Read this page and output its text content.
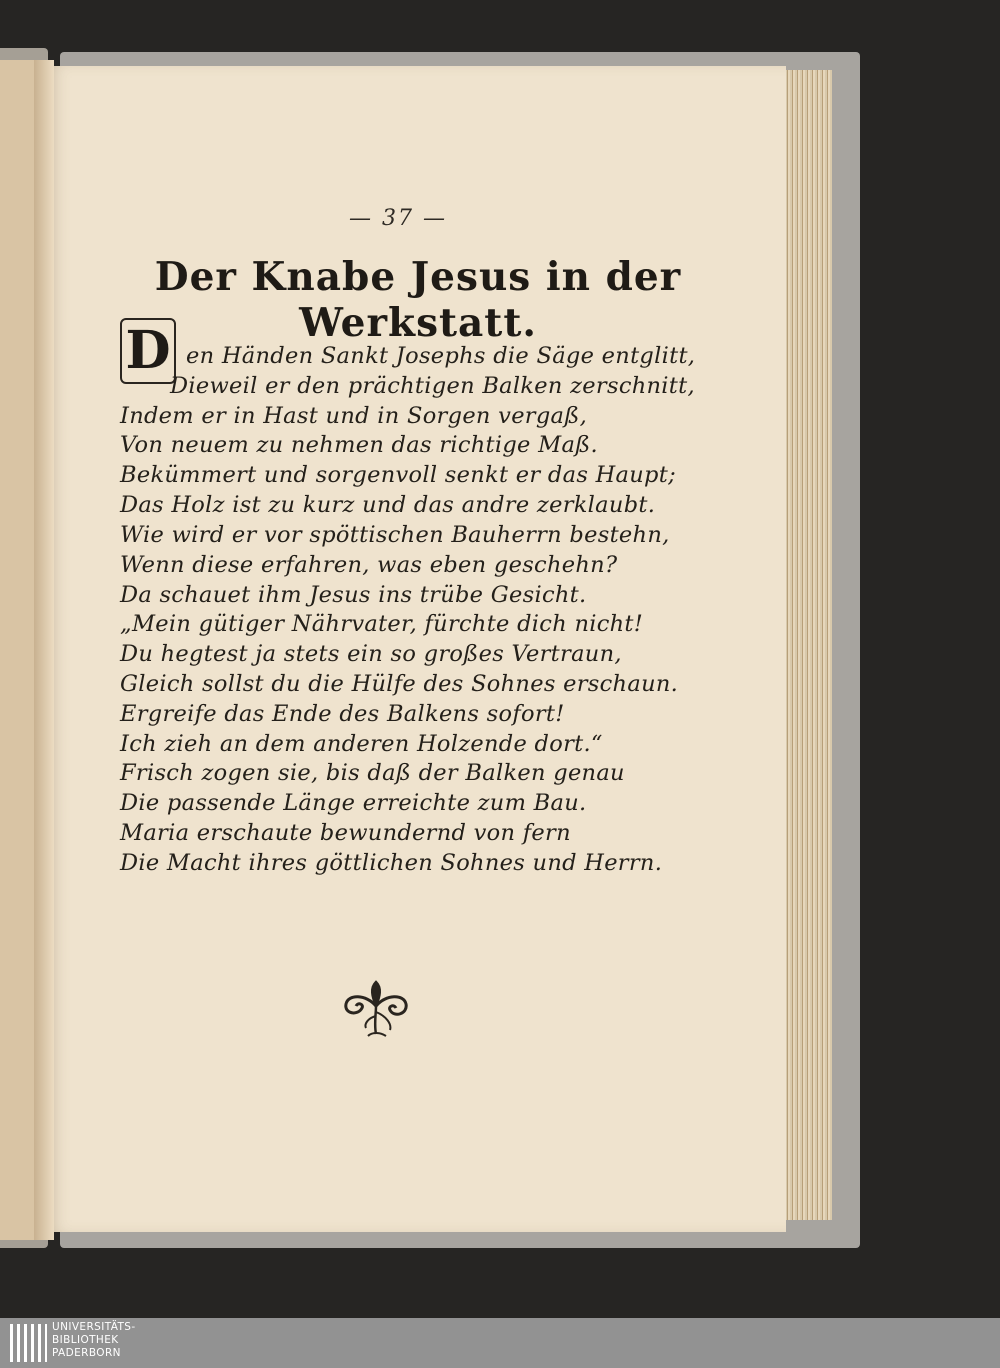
— 37 —
Der Knabe Jesus in der Werkstatt.
D en Händen Sankt Josephs die Säge entglitt,
Dieweil er den prächtigen Balken zerschnitt,
Indem er in Hast und in Sorgen vergaß,
Von neuem zu nehmen das richtige Maß.
Bekümmert und sorgenvoll senkt er das Haupt;
Das Holz ist zu kurz und das andre zerklaubt.
Wie wird er vor spöttischen Bauherrn bestehn,
Wenn diese erfahren, was eben geschehn?
Da schauet ihm Jesus ins trübe Gesicht.
„Mein gütiger Nährvater, fürchte dich nicht!
Du hegtest ja stets ein so großes Vertraun,
Gleich sollst du die Hülfe des Sohnes erschaun.
Ergreife das Ende des Balkens sofort!
Ich zieh an dem anderen Holzende dort.“
Frisch zogen sie, bis daß der Balken genau
Die passende Länge erreichte zum Bau.
Maria erschaute bewundernd von fern
Die Macht ihres göttlichen Sohnes und Herrn.
UNIVERSITÄTS-
BIBLIOTHEK
PADERBORN
